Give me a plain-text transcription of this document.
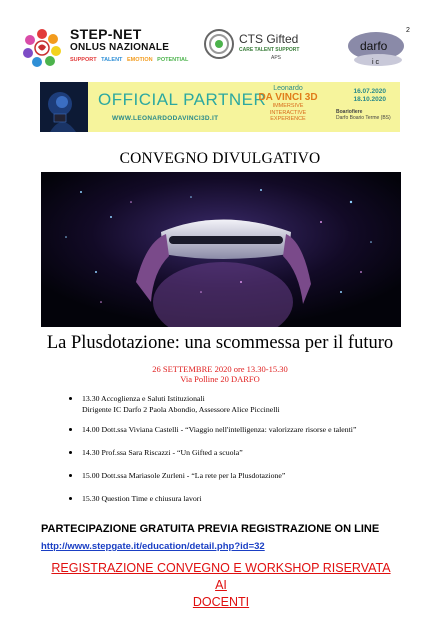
STEP-NET
ONLUS NAZIONALE
SUPPORT TALENT EMOTION POTENTIAL
CTS Gifted
CARE TALENT SUPPORT
APS
darfo
2
i c
OFFICIAL PARTNER
WWW.LEONARDODAVINCI3D.IT
Leonardo
DA VINCI 3D
IMMERSIVE
INTERACTIVE
EXPERIENCE
16.07.2020
18.10.2020
Boarioﬁere
Darfo Boario Terme (BS)
CONVEGNO DIVULGATIVO
La Plusdotazione: una scommessa per il futuro
26 SETTEMBRE 2020 ore 13.30-15.30
Via Polline 20 DARFO
13.30 Accoglienza e Saluti Istituzionali
Dirigente IC Darfo 2 Paola Abondio, Assessore Alice Piccinelli
14.00 Dott.ssa Viviana Castelli - “Viaggio nell'intelligenza: valorizzare risorse e talenti”
14.30 Prof.ssa Sara Riscazzi - “Un Gifted a scuola”
15.00 Dott.ssa Mariasole Zurleni - “La rete per la Plusdotazione”
15.30 Question Time e chiusura lavori
PARTECIPAZIONE GRATUITA PREVIA REGISTRAZIONE ON LINE
http://www.stepgate.it/education/detail.php?id=32
REGISTRAZIONE CONVEGNO E WORKSHOP RISERVATA AI
DOCENTI
